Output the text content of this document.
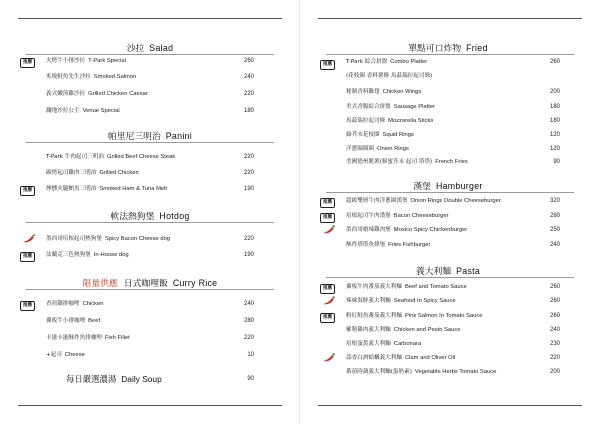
沙拉 Salad
推薦	火烤牛小排沙拉 T-Park Special	260
炙燒鮭魚先生沙拉 Smoked Salmon	240
義式嫩煎雞沙拉 Grilled Chicken Caesar	220
瀾地沙拉公主 Venue Special	180
帕里尼三明治 Panini
T-Park 牛肉起司三明治 Grilled Beef Cheese Steak	220
碳烤起司雞肉三明治 Grilled Chicken	220
推薦	煙燻火腿鮪魚三明治 Smoked Ham & Tuna Melt	190
軟法熱狗堡 Hotdog
墨西哥培根起司熱狗堡 Spicy Bacon Cheese dog	220
推薦	法蘭克三色熱狗堡 In-House dog	190
限量供應 日式咖哩飯 Curry Rice
推薦	香煎雞排咖哩 Chicken	240
翼板牛小排咖哩 Beef	280
卡滋卡滋酥炸魚排咖哩 Fish Fillet	220
+起司 Cheese	10
每日嚴選濃湯 Daily Soup	90
單點可口炸物 Fried
推薦	T-Park 綜合拼盤 Combo Platter	260
(花枝圈 香料薯條 馬茲瑞拉起司條)
秘制香料雞翅 Chicken Wings	200
美式香腸綜合拼盤 Sausage Platter	180
馬茲瑞拉起司條 Mozzarella Sticks	180
綠芥末花枝圈 Squid Rings	120
洋蔥圈圈圈 Onion Rings	120
美國德州脆薯(韓蜜芥末 起司 塔塔) French Fries	90
漢堡 Hamburger
推薦	超級雙層牛肉洋蔥圈漢堡 Onion Rings Double Cheeseburger	320
推薦	培根起司牛肉漢堡 Bacon Cheeseburger	280
墨西哥嗆辣雞肉堡 Moxico Spicy Chickenburger	250
酥炸塔塔魚排堡 Fries Fishburger	240
義大利麵 Pasta
推薦	翼板牛肉番茄義大利麵 Beef and Tomato Sauce	260
辣味海鮮義大利麵 Seafood In Spicy Sauce	260
推薦	粉紅鮭魚蕃茄義大利麵 Pink Salmon In Tomato Sauce	260
羅勒雞肉義大利麵 Chicken and Pesto Sauce	240
培根蛋黃義大利麵 Carbonara	230
蒜香白酒蛤蠣義大利麵 Clam and Oliver Oil	220
番茄時蔬義大利麵(蛋奶素) Vegetable Herbs Tomato Sauce	200
